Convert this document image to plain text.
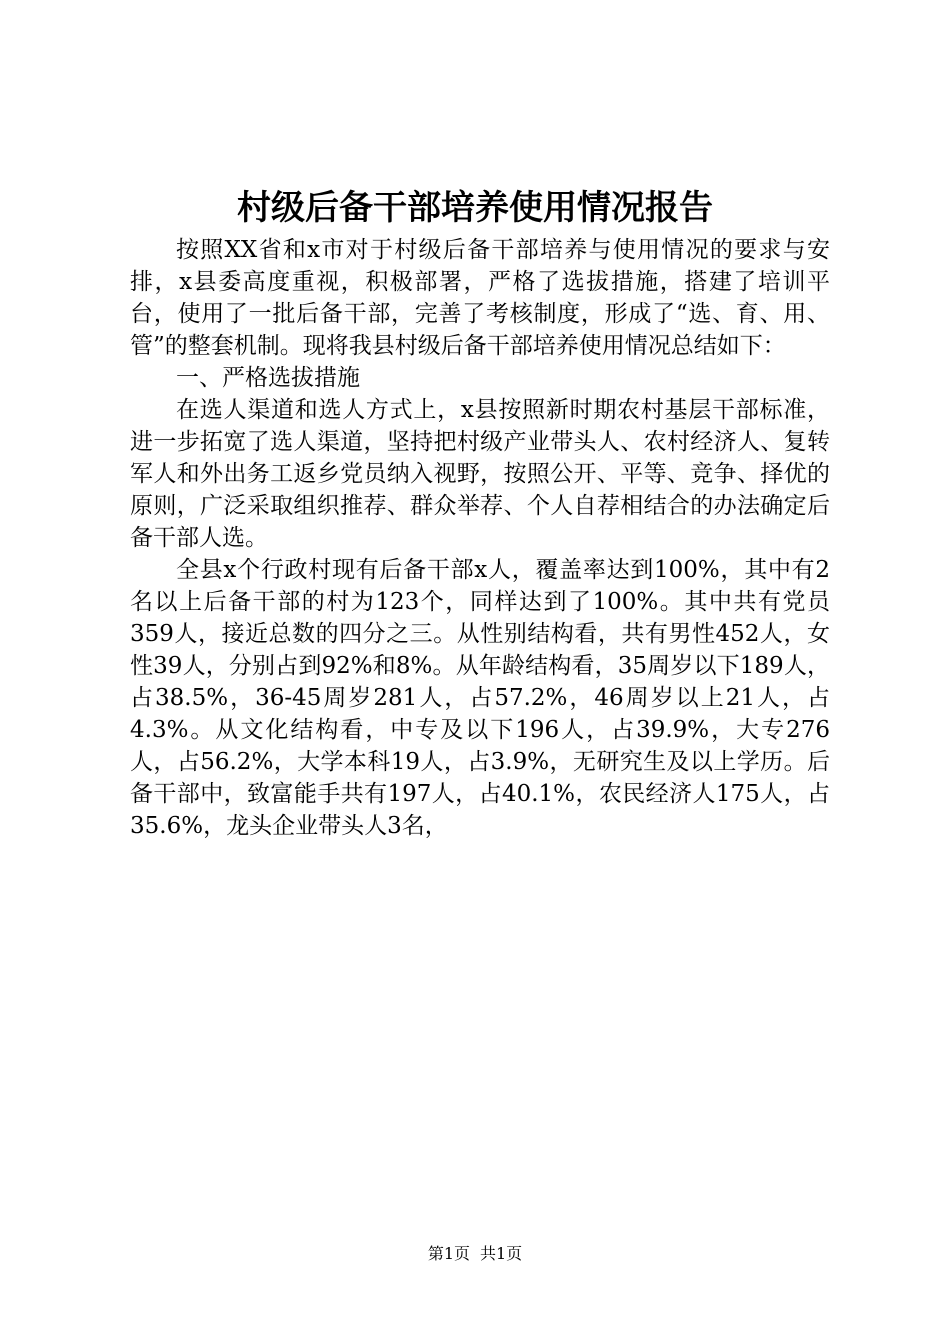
村级后备干部培养使用情况报告

按照XX省和x市对于村级后备干部培养与使用情况的要求与安排，x县委高度重视，积极部署，严格了选拔措施，搭建了培训平台，使用了一批后备干部，完善了考核制度，形成了“选、育、用、管”的整套机制。现将我县村级后备干部培养使用情况总结如下：

一、严格选拔措施

在选人渠道和选人方式上，x县按照新时期农村基层干部标准，进一步拓宽了选人渠道，坚持把村级产业带头人、农村经济人、复转军人和外出务工返乡党员纳入视野，按照公开、平等、竞争、择优的原则，广泛采取组织推荐、群众举荐、个人自荐相结合的办法确定后备干部人选。

全县x个行政村现有后备干部x人，覆盖率达到100%，其中有2名以上后备干部的村为123个，同样达到了100%。其中共有党员359人，接近总数的四分之三。从性别结构看，共有男性452人，女性39人，分别占到92%和8%。从年龄结构看，35周岁以下189人，占38.5%，36-45周岁281人，占57.2%，46周岁以上21人，占4.3%。从文化结构看，中专及以下196人，占39.9%，大专276人，占56.2%，大学本科19人，占3.9%，无研究生及以上学历。后备干部中，致富能手共有197人，占40.1%，农民经济人175人，占35.6%，龙头企业带头人3名，

第1页 共1页
